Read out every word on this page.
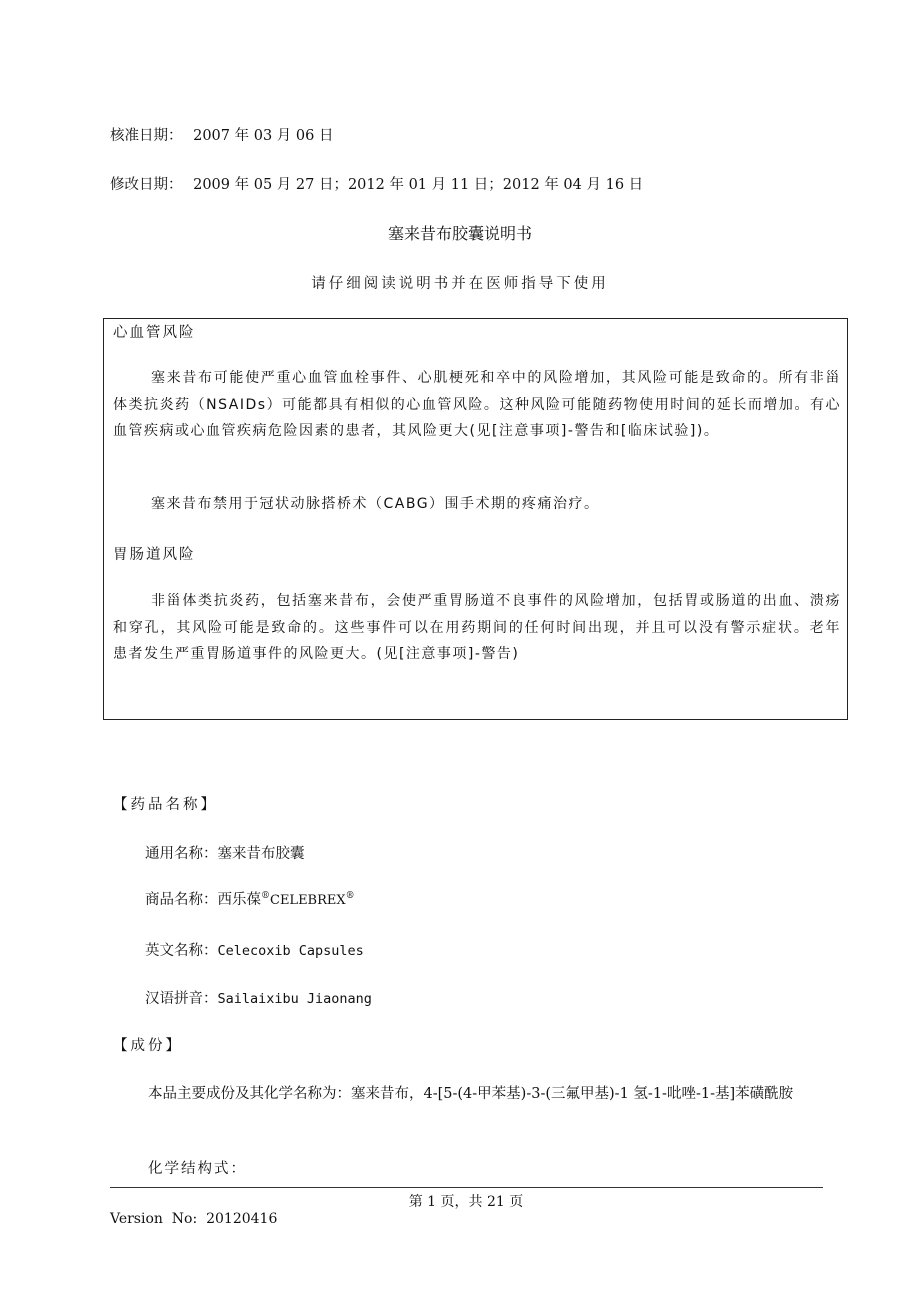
核准日期： 2007 年 03 月 06 日
修改日期： 2009 年 05 月 27 日；2012 年 01 月 11 日；2012 年 04 月 16 日
塞来昔布胶囊说明书
请仔细阅读说明书并在医师指导下使用
心血管风险
塞来昔布可能使严重心血管血栓事件、心肌梗死和卒中的风险增加，其风险可能是致命的。所有非甾体类抗炎药（NSAIDs）可能都具有相似的心血管风险。这种风险可能随药物使用时间的延长而增加。有心血管疾病或心血管疾病危险因素的患者，其风险更大(见[注意事项]-警告和[临床试验])。
塞来昔布禁用于冠状动脉搭桥术（CABG）围手术期的疼痛治疗。
胃肠道风险
非甾体类抗炎药，包括塞来昔布，会使严重胃肠道不良事件的风险增加，包括胃或肠道的出血、溃疡和穿孔，其风险可能是致命的。这些事件可以在用药期间的任何时间出现，并且可以没有警示症状。老年患者发生严重胃肠道事件的风险更大。(见[注意事项]-警告)
【药品名称】
通用名称：塞来昔布胶囊
商品名称：西乐葆®CELEBREX®
英文名称：Celecoxib Capsules
汉语拼音：Sailaixibu Jiaonang
【成份】
本品主要成份及其化学名称为：塞来昔布，4-[5-(4-甲苯基)-3-(三氟甲基)-1 氢-1-吡唑-1-基]苯磺酰胺
化学结构式：
第 1 页，共 21 页
Version  No:  20120416
